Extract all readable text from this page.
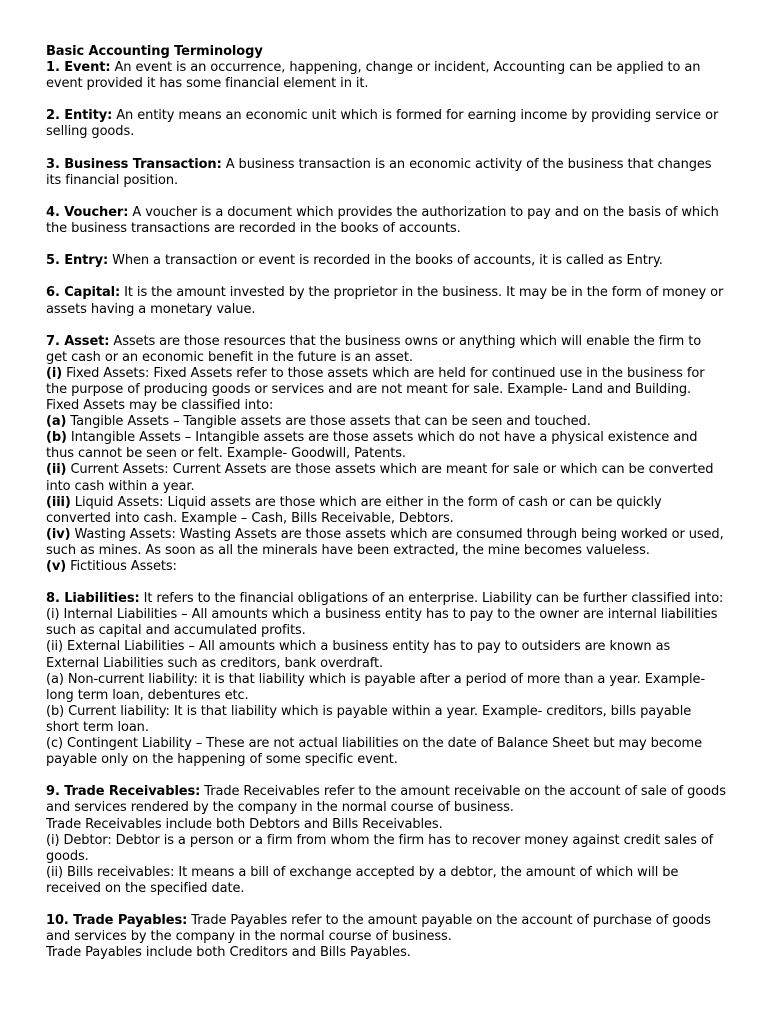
Basic Accounting Terminology
1. Event: An event is an occurrence, happening, change or incident, Accounting can be applied to an event provided it has some financial element in it.
2. Entity: An entity means an economic unit which is formed for earning income by providing service or selling goods.
3. Business Transaction: A business transaction is an economic activity of the business that changes its financial position.
4. Voucher: A voucher is a document which provides the authorization to pay and on the basis of which the business transactions are recorded in the books of accounts.
5. Entry: When a transaction or event is recorded in the books of accounts, it is called as Entry.
6. Capital: It is the amount invested by the proprietor in the business. It may be in the form of money or assets having a monetary value.
7. Asset: Assets are those resources that the business owns or anything which will enable the firm to get cash or an economic benefit in the future is an asset.
(i) Fixed Assets: Fixed Assets refer to those assets which are held for continued use in the business for the purpose of producing goods or services and are not meant for sale. Example- Land and Building.
Fixed Assets may be classified into:
(a) Tangible Assets – Tangible assets are those assets that can be seen and touched.
(b) Intangible Assets – Intangible assets are those assets which do not have a physical existence and thus cannot be seen or felt. Example- Goodwill, Patents.
(ii) Current Assets: Current Assets are those assets which are meant for sale or which can be converted into cash within a year.
(iii) Liquid Assets: Liquid assets are those which are either in the form of cash or can be quickly converted into cash. Example – Cash, Bills Receivable, Debtors.
(iv) Wasting Assets: Wasting Assets are those assets which are consumed through being worked or used, such as mines. As soon as all the minerals have been extracted, the mine becomes valueless.
(v) Fictitious Assets:
8. Liabilities: It refers to the financial obligations of an enterprise. Liability can be further classified into:
(i) Internal Liabilities – All amounts which a business entity has to pay to the owner are internal liabilities such as capital and accumulated profits.
(ii) External Liabilities – All amounts which a business entity has to pay to outsiders are known as External Liabilities such as creditors, bank overdraft.
(a) Non-current liability: it is that liability which is payable after a period of more than a year. Example-long term loan, debentures etc.
(b) Current liability: It is that liability which is payable within a year. Example- creditors, bills payable short term loan.
(c) Contingent Liability – These are not actual liabilities on the date of Balance Sheet but may become payable only on the happening of some specific event.
9. Trade Receivables: Trade Receivables refer to the amount receivable on the account of sale of goods and services rendered by the company in the normal course of business.
Trade Receivables include both Debtors and Bills Receivables.
(i) Debtor: Debtor is a person or a firm from whom the firm has to recover money against credit sales of goods.
(ii) Bills receivables: It means a bill of exchange accepted by a debtor, the amount of which will be received on the specified date.
10. Trade Payables: Trade Payables refer to the amount payable on the account of purchase of goods and services by the company in the normal course of business.
Trade Payables include both Creditors and Bills Payables.
